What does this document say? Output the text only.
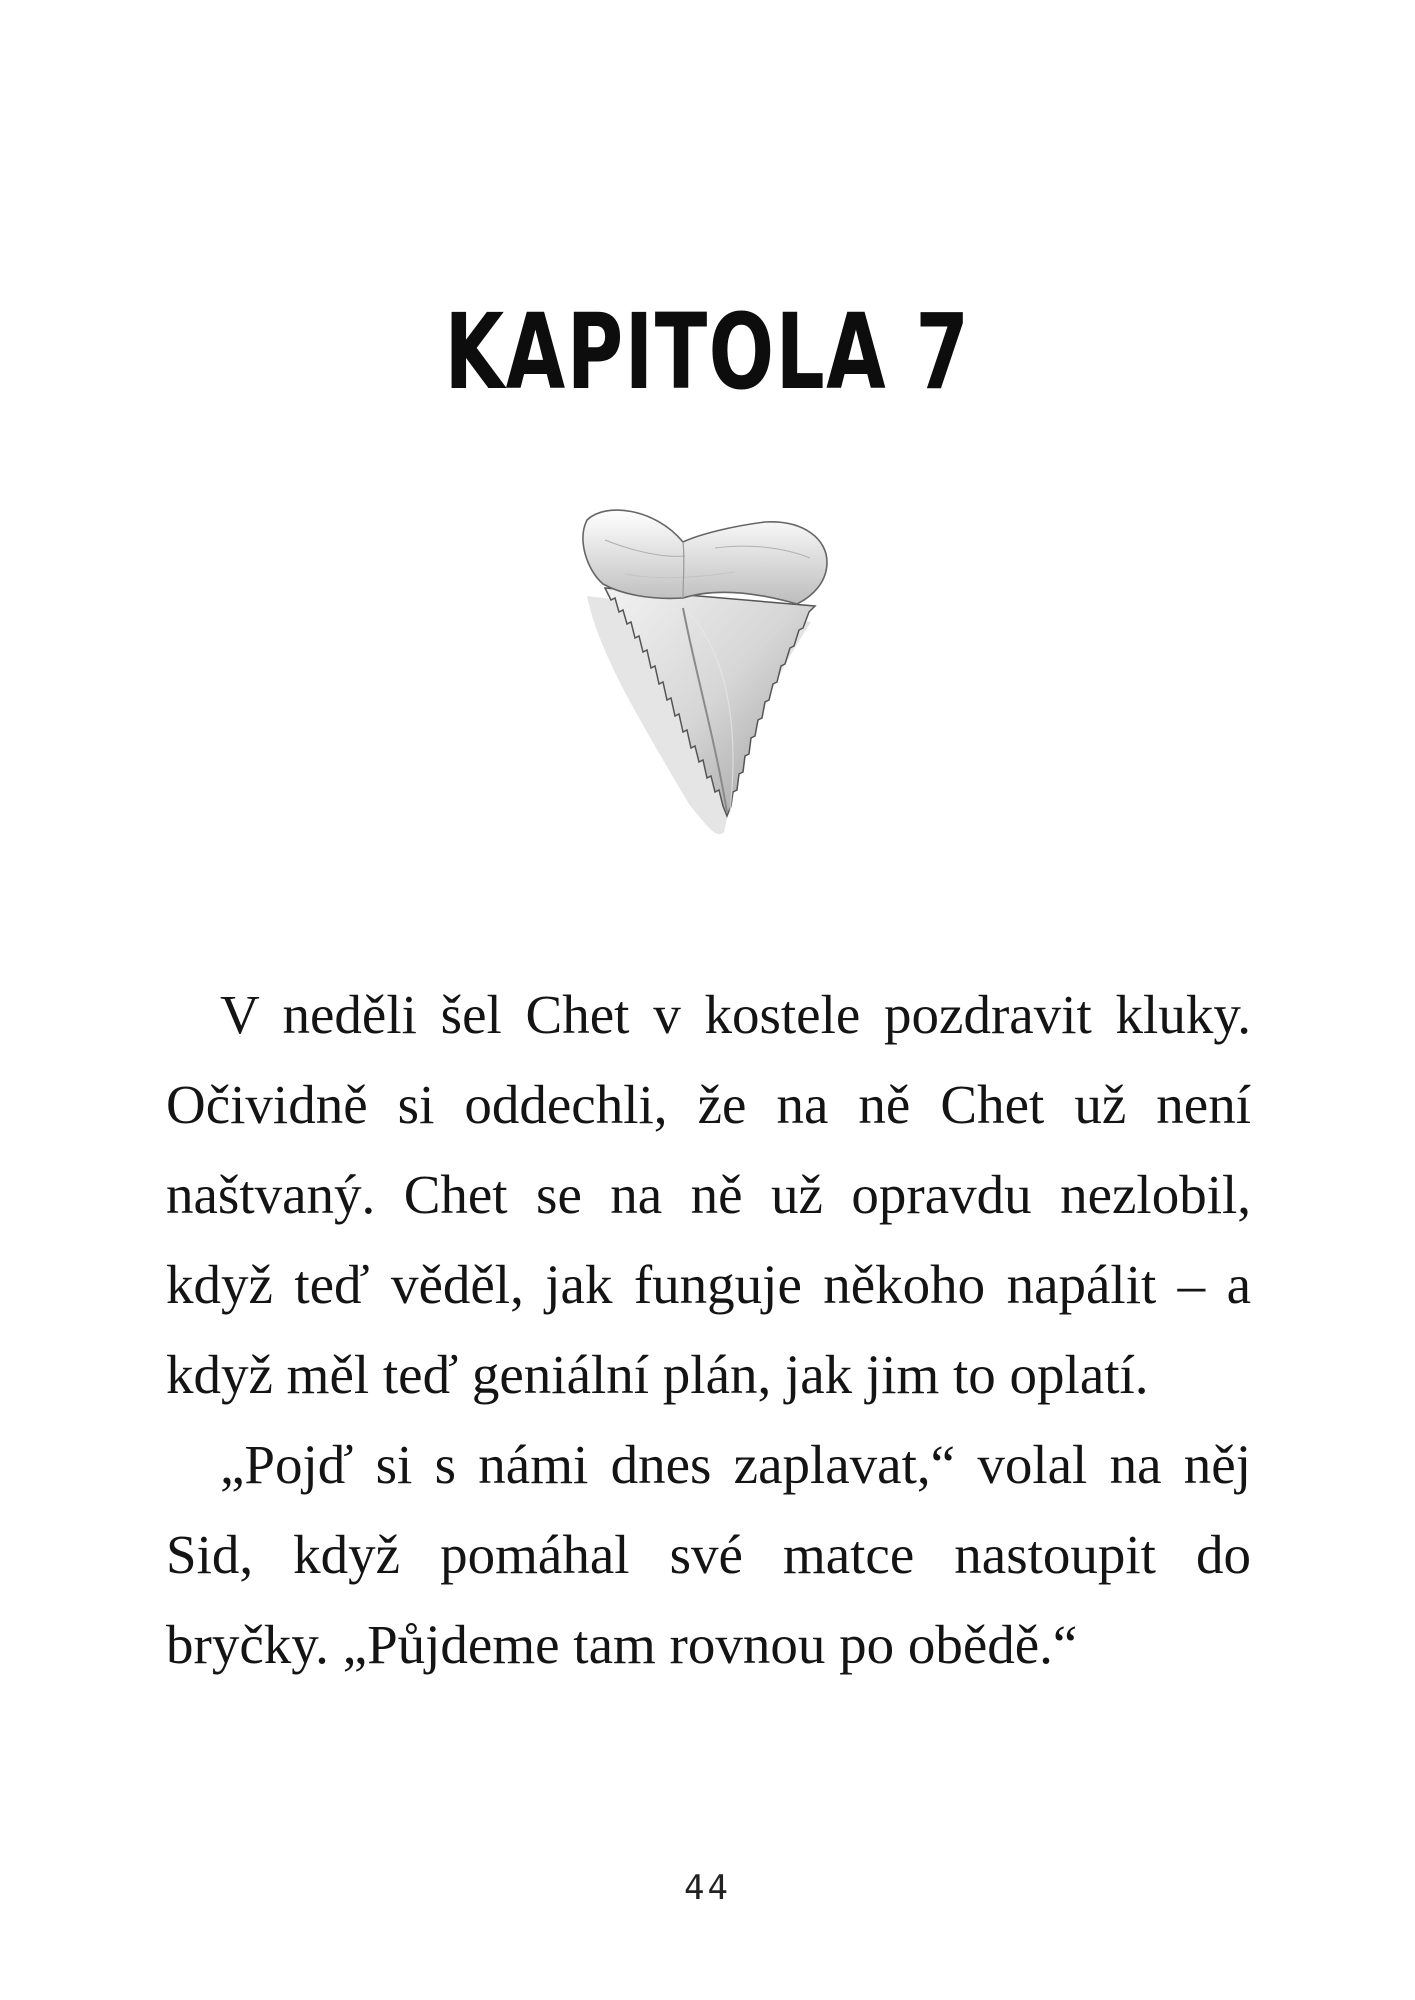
KAPITOLA 7

V neděli šel Chet v kostele pozdravit kluky. Očividně si oddechli, že na ně Chet už není naštvaný. Chet se na ně už opravdu nezlobil, když teď věděl, jak funguje někoho napálit – a když měl teď geniální plán, jak jim to oplatí.

„Pojď si s námi dnes zaplavat,“ volal na něj Sid, když pomáhal své matce nastoupit do bryčky. „Půjdeme tam rovnou po obědě.“

44
